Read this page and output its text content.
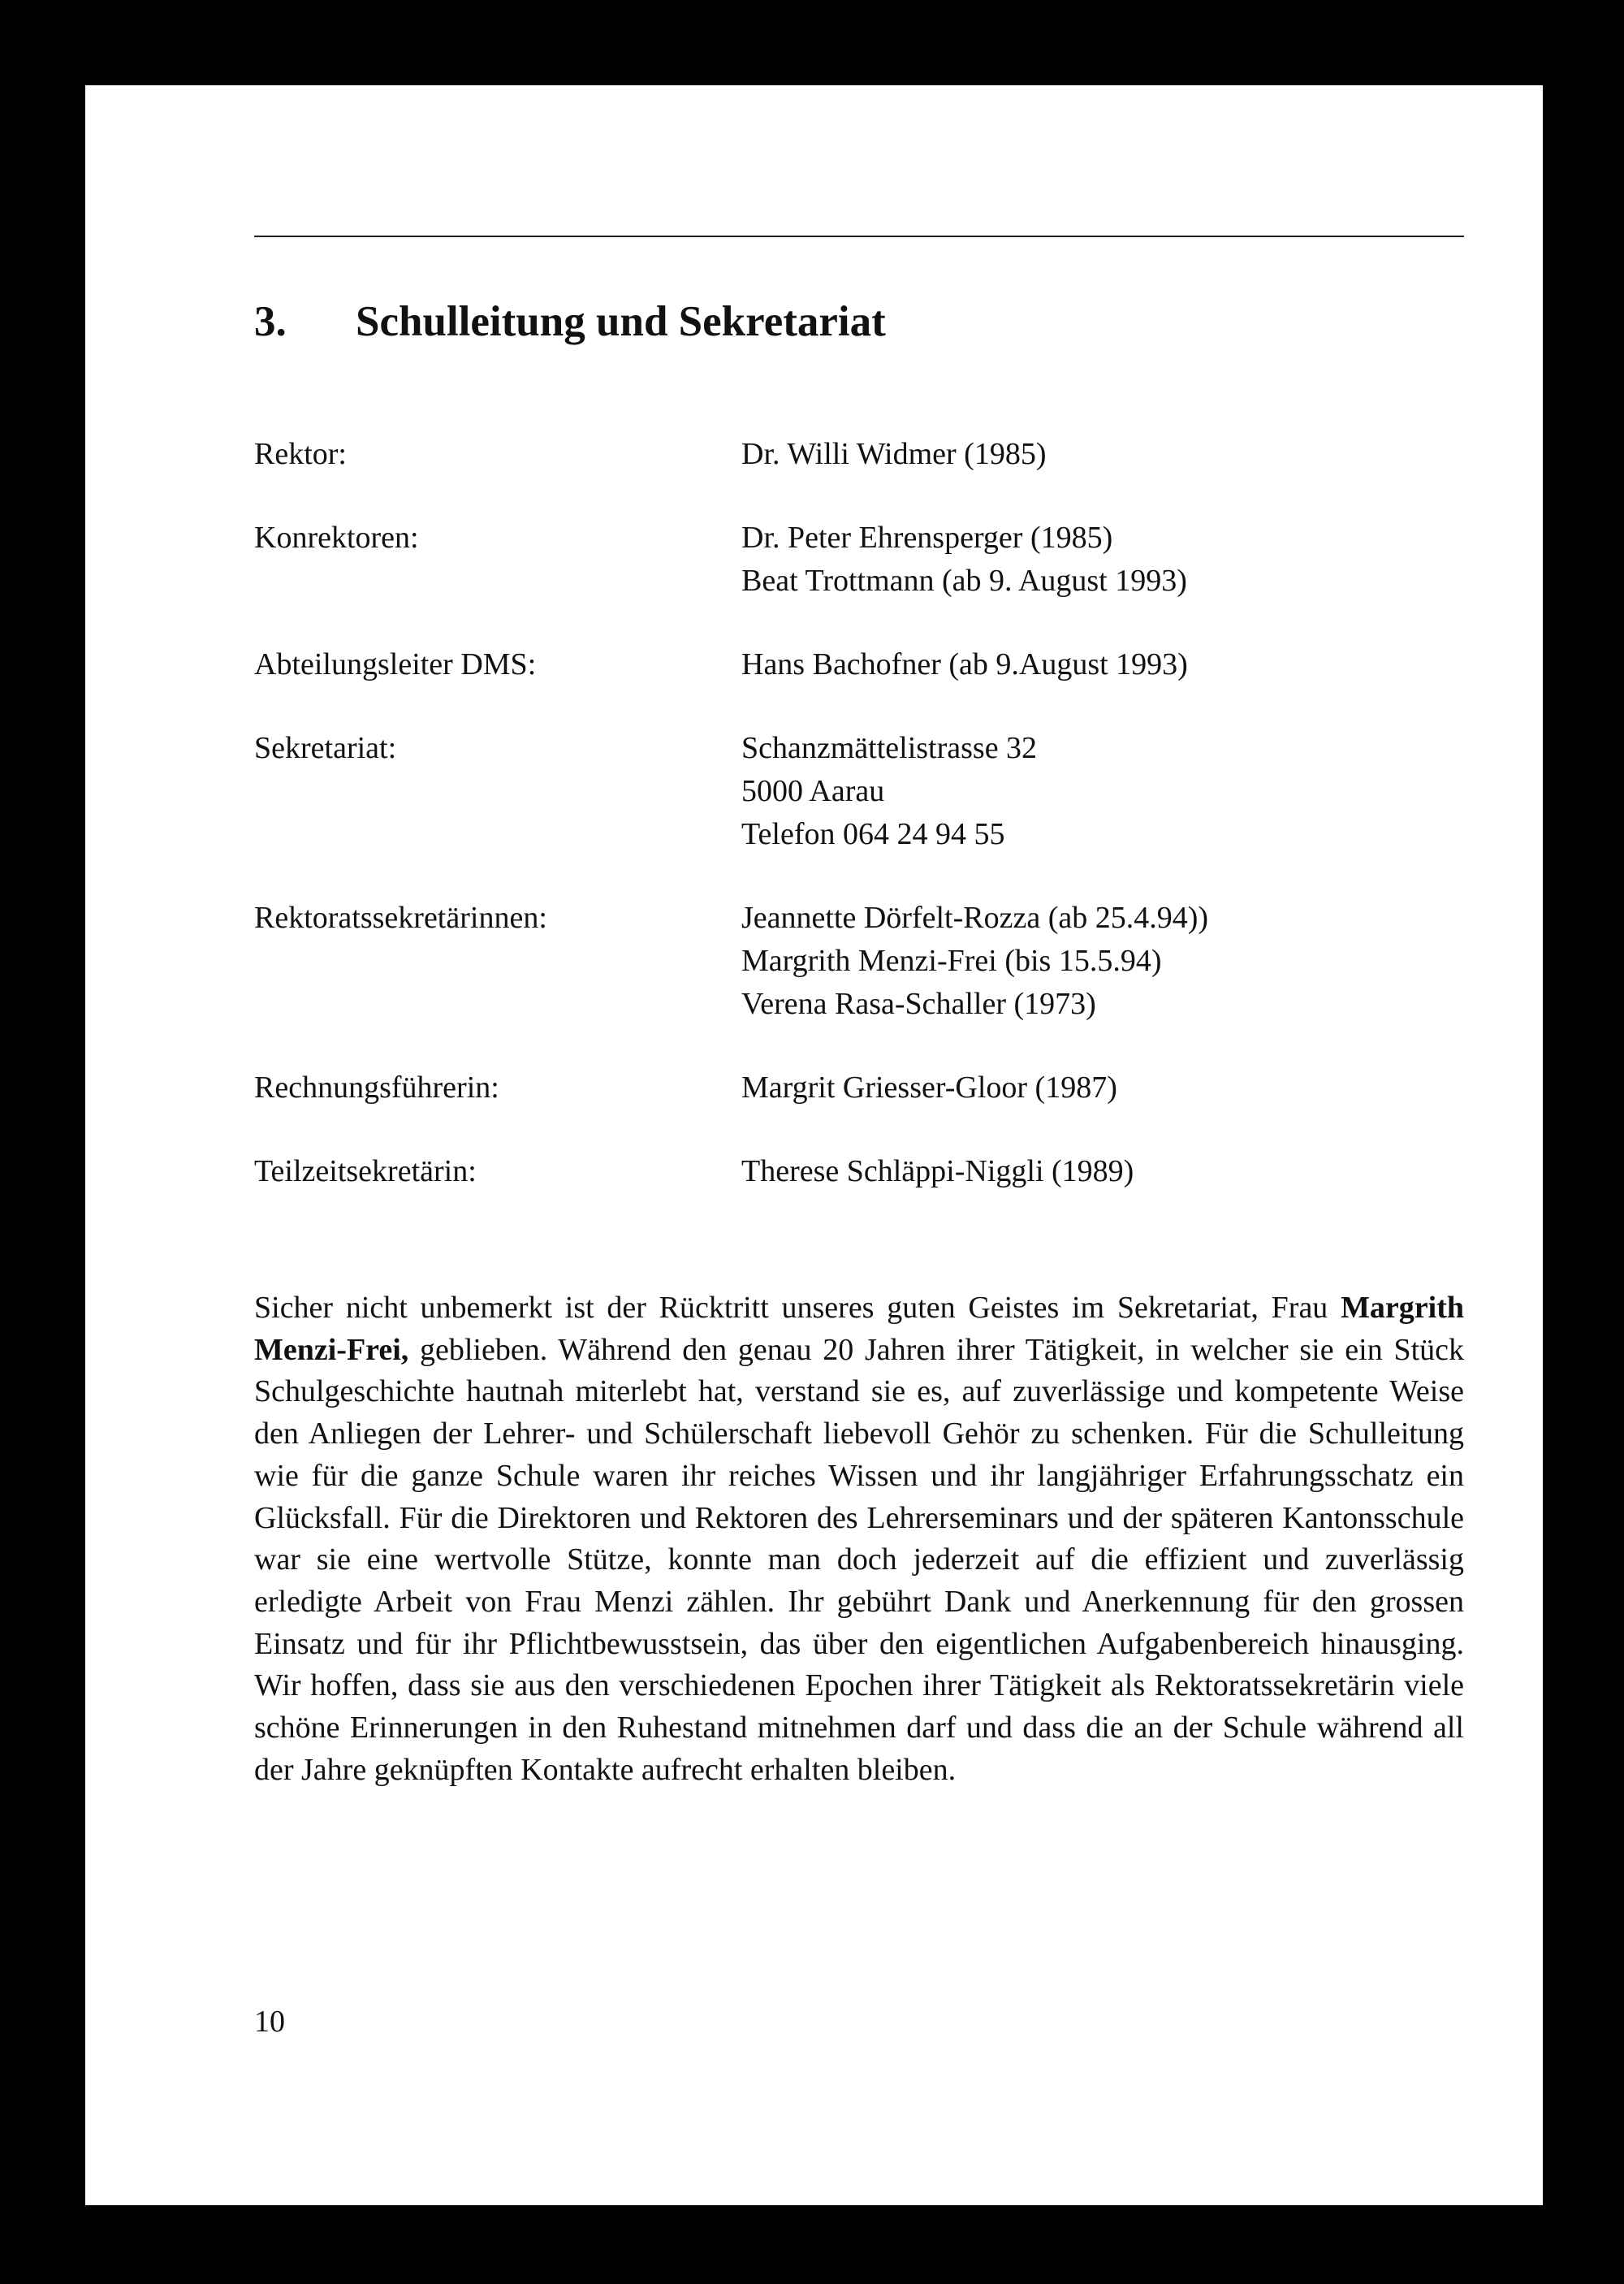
3. Schulleitung und Sekretariat
Rektor:	Dr. Willi Widmer (1985)
Konrektoren:	Dr. Peter Ehrensperger (1985)
Beat Trottmann (ab 9. August 1993)
Abteilungsleiter DMS:	Hans Bachofner (ab 9.August 1993)
Sekretariat:	Schanzmättelistrasse 32
5000 Aarau
Telefon 064 24 94 55
Rektoratssekretärinnen:	Jeannette Dörfelt-Rozza (ab 25.4.94))
Margrith Menzi-Frei (bis 15.5.94)
Verena Rasa-Schaller (1973)
Rechnungsführerin:	Margrit Griesser-Gloor (1987)
Teilzeitsekretärin:	Therese Schläppi-Niggli (1989)

Sicher nicht unbemerkt ist der Rücktritt unseres guten Geistes im Sekretariat, Frau Margrith Menzi-Frei, geblieben. Während den genau 20 Jahren ihrer Tätigkeit, in welcher sie ein Stück Schulgeschichte hautnah miterlebt hat, verstand sie es, auf zuverlässige und kompetente Weise den Anliegen der Lehrer- und Schülerschaft liebevoll Gehör zu schenken. Für die Schulleitung wie für die ganze Schule waren ihr reiches Wissen und ihr langjähriger Erfahrungsschatz ein Glücksfall. Für die Direktoren und Rektoren des Lehrerseminars und der späteren Kantonsschule war sie eine wertvolle Stütze, konnte man doch jederzeit auf die effizient und zuverlässig erledigte Arbeit von Frau Menzi zählen. Ihr gebührt Dank und Anerkennung für den grossen Einsatz und für ihr Pflichtbewusstsein, das über den eigentlichen Aufgabenbereich hinausging. Wir hoffen, dass sie aus den verschiedenen Epochen ihrer Tätigkeit als Rektoratssekretärin viele schöne Erinnerungen in den Ruhestand mitnehmen darf und dass die an der Schule während all der Jahre geknüpften Kontakte aufrecht erhalten bleiben.

10
